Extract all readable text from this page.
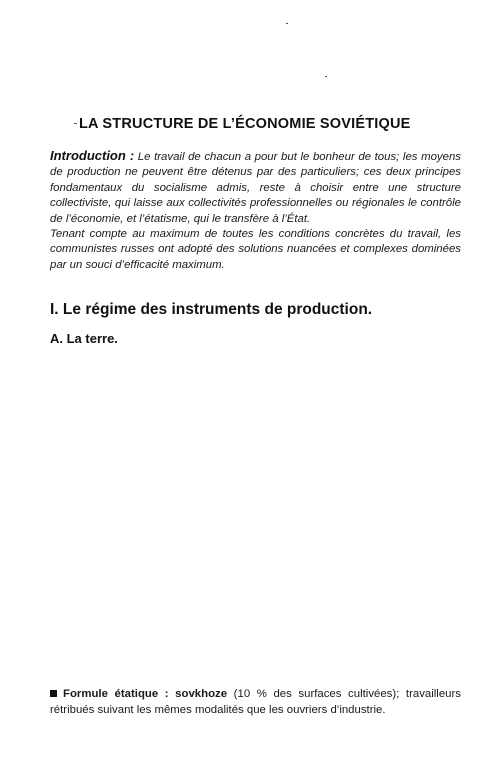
LA STRUCTURE DE L’ÉCONOMIE SOVIÉTIQUE

Introduction : Le travail de chacun a pour but le bonheur de tous; les moyens de production ne peuvent être détenus par des particuliers; ces deux principes fondamentaux du socialisme admis, reste à choisir entre une structure collectiviste, qui laisse aux collectivités professionnelles ou régionales le contrôle de l’économie, et l’étatisme, qui le transfère à l’État.

Tenant compte au maximum de toutes les conditions concrètes du travail, les communistes russes ont adopté des solutions nuancées et complexes dominées par un souci d’efficacité maximum.

I. Le régime des instruments de production.
A. La terre.
Formule étatique : sovkhoze (10 % des surfaces cultivées); travailleurs rétribués suivant les mêmes modalités que les ouvriers d’industrie.
